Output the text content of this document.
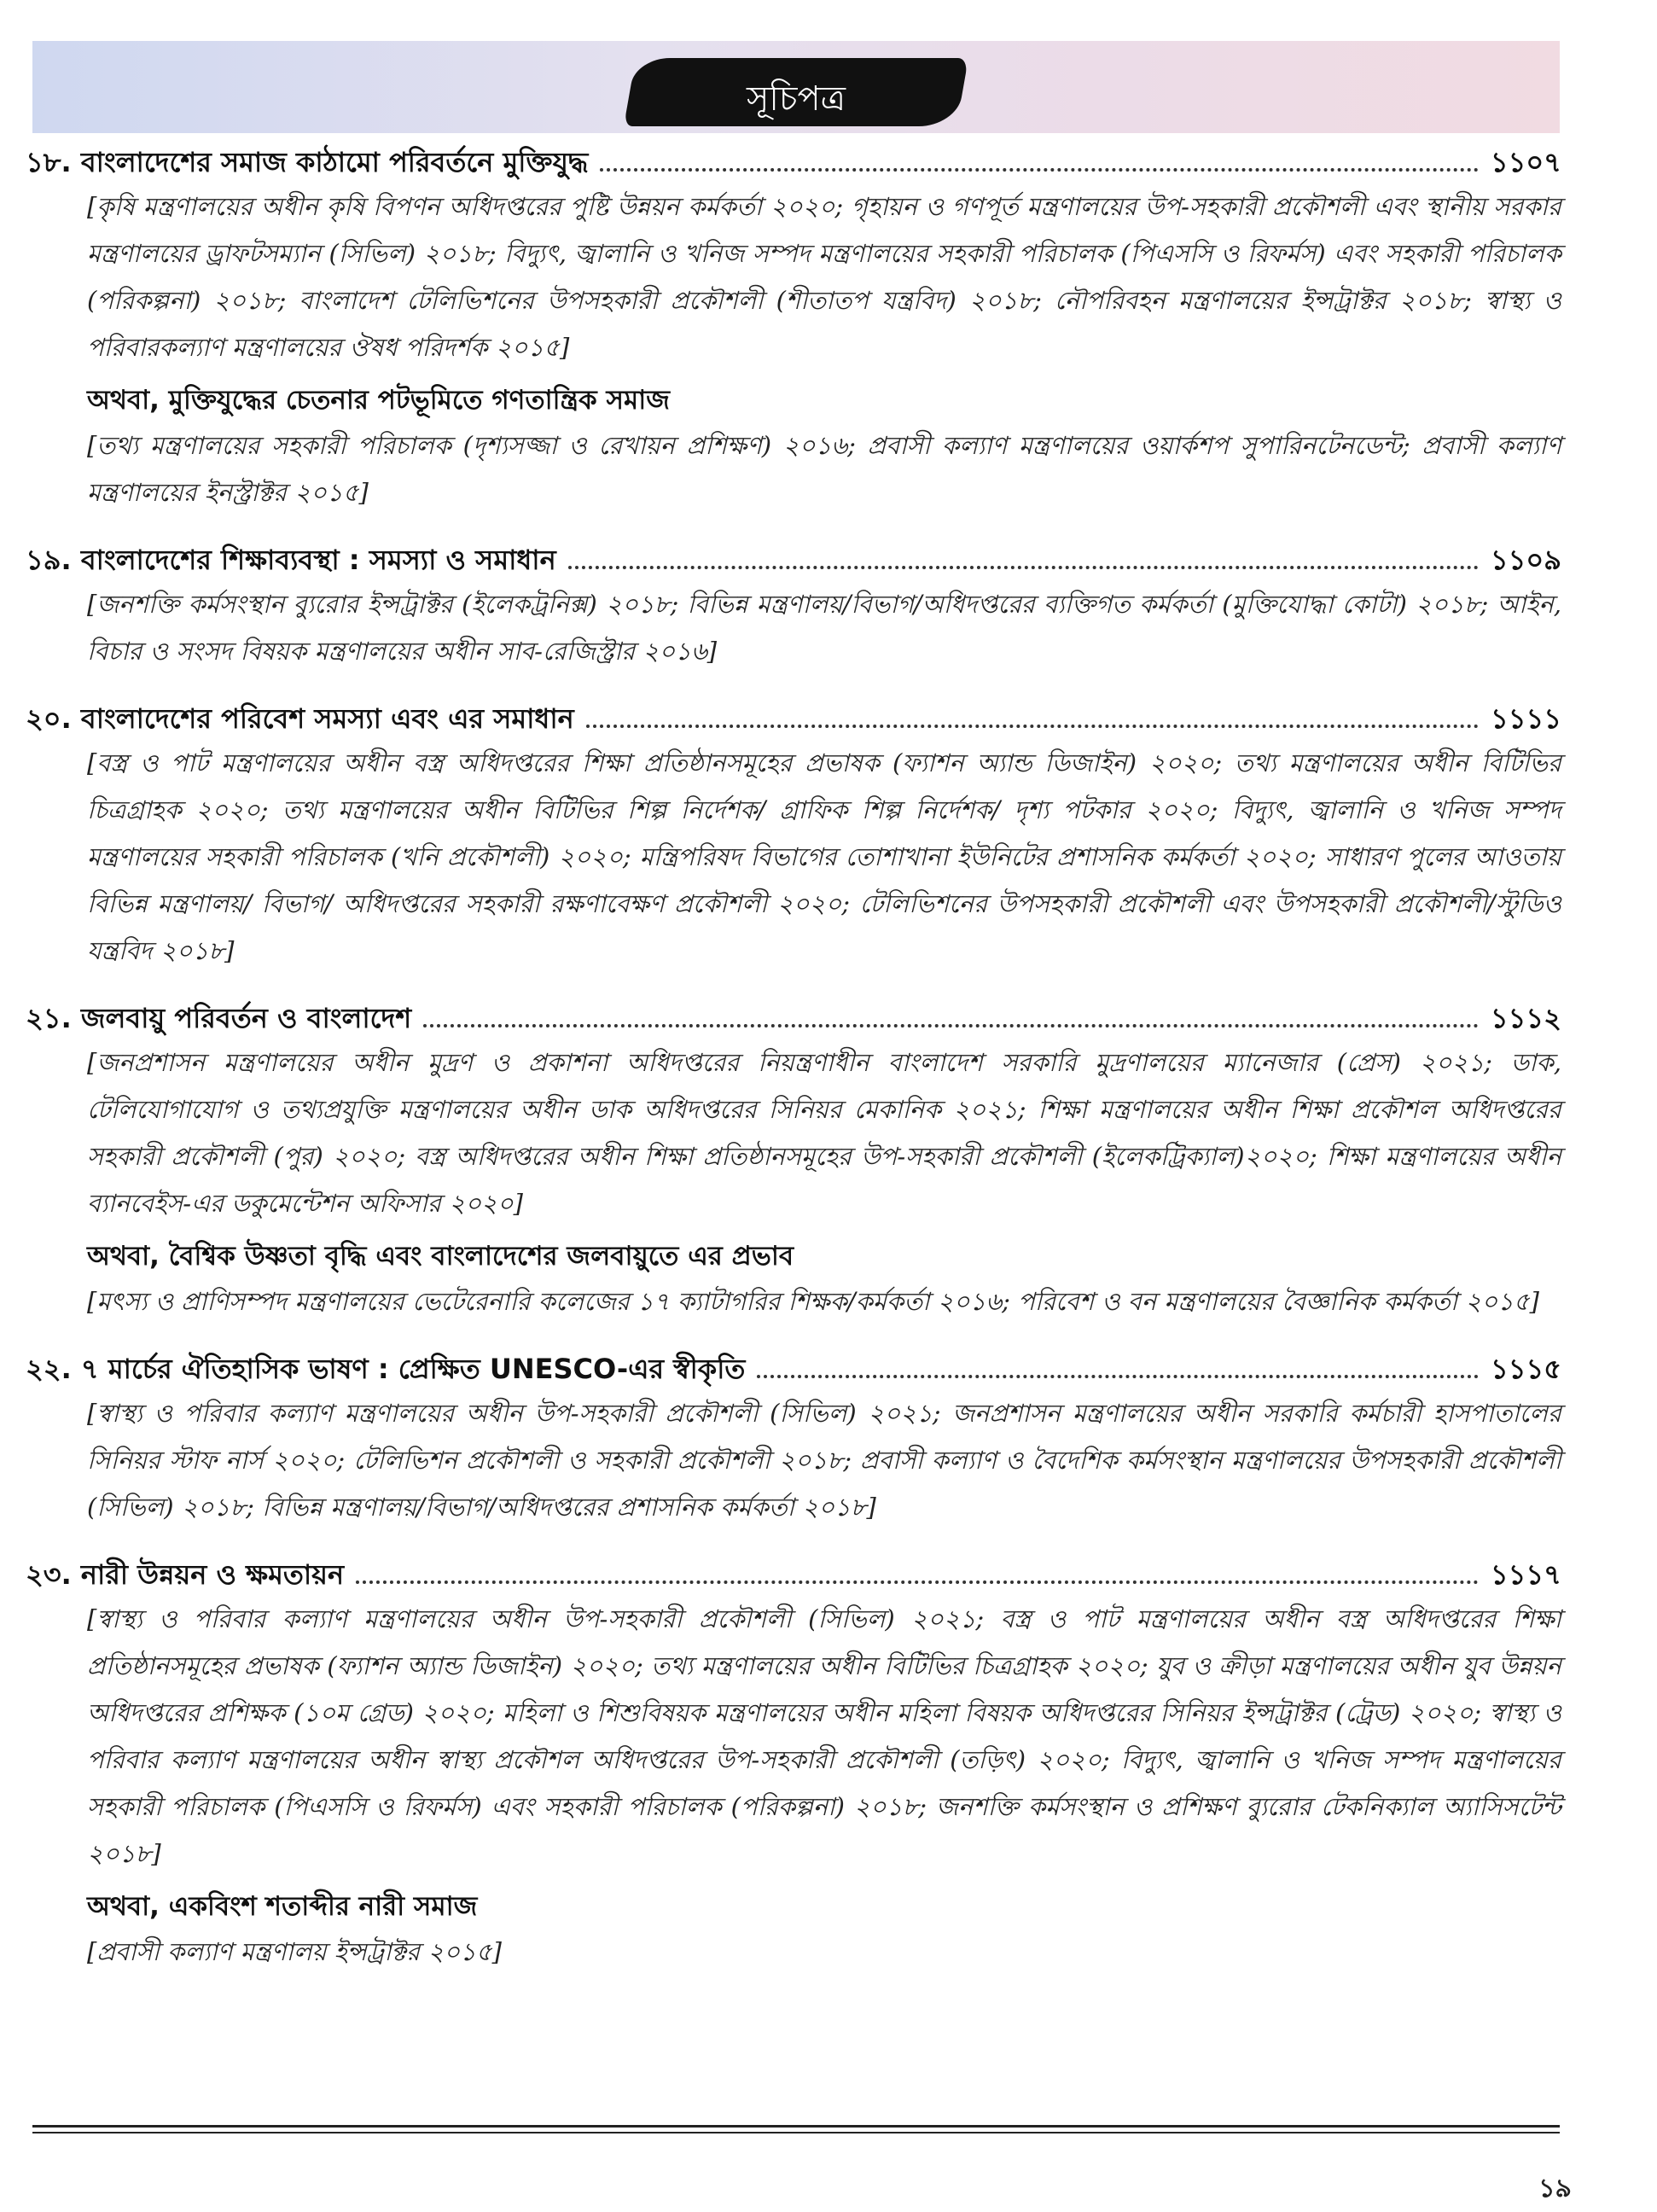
সূচিপত্র
১৮. বাংলাদেশের সমাজ কাঠামো পরিবর্তনে মুক্তিযুদ্ধ	১১০৭
[কৃষি মন্ত্রণালয়ের অধীন কৃষি বিপণন অধিদপ্তরের পুষ্টি উন্নয়ন কর্মকর্তা ২০২০; গৃহায়ন ও গণপূর্ত মন্ত্রণালয়ের উপ-সহকারী প্রকৌশলী এবং স্থানীয় সরকার মন্ত্রণালয়ের ড্রাফটসম্যান (সিভিল) ২০১৮; বিদ্যুৎ, জ্বালানি ও খনিজ সম্পদ মন্ত্রণালয়ের সহকারী পরিচালক (পিএসসি ও রিফর্মস) এবং সহকারী পরিচালক (পরিকল্পনা) ২০১৮; বাংলাদেশ টেলিভিশনের উপসহকারী প্রকৌশলী (শীতাতপ যন্ত্রবিদ) ২০১৮; নৌপরিবহন মন্ত্রণালয়ের ইন্সট্রাক্টর ২০১৮; স্বাস্থ্য ও পরিবারকল্যাণ মন্ত্রণালয়ের ঔষধ পরিদর্শক ২০১৫]
অথবা, মুক্তিযুদ্ধের চেতনার পটভূমিতে গণতান্ত্রিক সমাজ
[তথ্য মন্ত্রণালয়ের সহকারী পরিচালক (দৃশ্যসজ্জা ও রেখায়ন প্রশিক্ষণ) ২০১৬; প্রবাসী কল্যাণ মন্ত্রণালয়ের ওয়ার্কশপ সুপারিনটেনডেন্ট; প্রবাসী কল্যাণ মন্ত্রণালয়ের ইনস্ট্রাক্টর ২০১৫]
১৯. বাংলাদেশের শিক্ষাব্যবস্থা : সমস্যা ও সমাধান	১১০৯
[জনশক্তি কর্মসংস্থান ব্যুরোর ইন্সট্রাক্টর (ইলেকট্রনিক্স) ২০১৮; বিভিন্ন মন্ত্রণালয়/বিভাগ/অধিদপ্তরের ব্যক্তিগত কর্মকর্তা (মুক্তিযোদ্ধা কোটা) ২০১৮; আইন, বিচার ও সংসদ বিষয়ক মন্ত্রণালয়ের অধীন সাব-রেজিস্ট্রার ২০১৬]
২০. বাংলাদেশের পরিবেশ সমস্যা এবং এর সমাধান	১১১১
[বস্ত্র ও পাট মন্ত্রণালয়ের অধীন বস্ত্র অধিদপ্তরের শিক্ষা প্রতিষ্ঠানসমূহের প্রভাষক (ফ্যাশন অ্যান্ড ডিজাইন) ২০২০; তথ্য মন্ত্রণালয়ের অধীন বিটিভির চিত্রগ্রাহক ২০২০; তথ্য মন্ত্রণালয়ের অধীন বিটিভির শিল্প নির্দেশক/ গ্রাফিক শিল্প নির্দেশক/ দৃশ্য পটকার ২০২০; বিদ্যুৎ, জ্বালানি ও খনিজ সম্পদ মন্ত্রণালয়ের সহকারী পরিচালক (খনি প্রকৌশলী) ২০২০; মন্ত্রিপরিষদ বিভাগের তোশাখানা ইউনিটের প্রশাসনিক কর্মকর্তা ২০২০; সাধারণ পুলের আওতায় বিভিন্ন মন্ত্রণালয়/ বিভাগ/ অধিদপ্তরের সহকারী রক্ষণাবেক্ষণ প্রকৌশলী ২০২০; টেলিভিশনের উপসহকারী প্রকৌশলী এবং উপসহকারী প্রকৌশলী/স্টুডিও যন্ত্রবিদ ২০১৮]
২১. জলবায়ু পরিবর্তন ও বাংলাদেশ	১১১২
[জনপ্রশাসন মন্ত্রণালয়ের অধীন মুদ্রণ ও প্রকাশনা অধিদপ্তরের নিয়ন্ত্রণাধীন বাংলাদেশ সরকারি মুদ্রণালয়ের ম্যানেজার (প্রেস) ২০২১; ডাক, টেলিযোগাযোগ ও তথ্যপ্রযুক্তি মন্ত্রণালয়ের অধীন ডাক অধিদপ্তরের সিনিয়র মেকানিক ২০২১; শিক্ষা মন্ত্রণালয়ের অধীন শিক্ষা প্রকৌশল অধিদপ্তরের সহকারী প্রকৌশলী (পুর) ২০২০; বস্ত্র অধিদপ্তরের অধীন শিক্ষা প্রতিষ্ঠানসমূহের উপ-সহকারী প্রকৌশলী (ইলেকট্রিক্যাল)২০২০; শিক্ষা মন্ত্রণালয়ের অধীন ব্যানবেইস-এর ডকুমেন্টেশন অফিসার ২০২০]
অথবা, বৈশ্বিক উষ্ণতা বৃদ্ধি এবং বাংলাদেশের জলবায়ুতে এর প্রভাব
[মৎস্য ও প্রাণিসম্পদ মন্ত্রণালয়ের ভেটেরেনারি কলেজের ১৭ ক্যাটাগরির শিক্ষক/কর্মকর্তা ২০১৬; পরিবেশ ও বন মন্ত্রণালয়ের বৈজ্ঞানিক কর্মকর্তা ২০১৫]
২২. ৭ মার্চের ঐতিহাসিক ভাষণ : প্রেক্ষিত UNESCO-এর স্বীকৃতি	১১১৫
[স্বাস্থ্য ও পরিবার কল্যাণ মন্ত্রণালয়ের অধীন উপ-সহকারী প্রকৌশলী (সিভিল) ২০২১; জনপ্রশাসন মন্ত্রণালয়ের অধীন সরকারি কর্মচারী হাসপাতালের সিনিয়র স্টাফ নার্স ২০২০; টেলিভিশন প্রকৌশলী ও সহকারী প্রকৌশলী ২০১৮; প্রবাসী কল্যাণ ও বৈদেশিক কর্মসংস্থান মন্ত্রণালয়ের উপসহকারী প্রকৌশলী (সিভিল) ২০১৮; বিভিন্ন মন্ত্রণালয়/বিভাগ/অধিদপ্তরের প্রশাসনিক কর্মকর্তা ২০১৮]
২৩. নারী উন্নয়ন ও ক্ষমতায়ন	১১১৭
[স্বাস্থ্য ও পরিবার কল্যাণ মন্ত্রণালয়ের অধীন উপ-সহকারী প্রকৌশলী (সিভিল) ২০২১; বস্ত্র ও পাট মন্ত্রণালয়ের অধীন বস্ত্র অধিদপ্তরের শিক্ষা প্রতিষ্ঠানসমূহের প্রভাষক (ফ্যাশন অ্যান্ড ডিজাইন) ২০২০; তথ্য মন্ত্রণালয়ের অধীন বিটিভির চিত্রগ্রাহক ২০২০; যুব ও ক্রীড়া মন্ত্রণালয়ের অধীন যুব উন্নয়ন অধিদপ্তরের প্রশিক্ষক (১০ম গ্রেড) ২০২০; মহিলা ও শিশুবিষয়ক মন্ত্রণালয়ের অধীন মহিলা বিষয়ক অধিদপ্তরের সিনিয়র ইন্সট্রাক্টর (ট্রেড) ২০২০; স্বাস্থ্য ও পরিবার কল্যাণ মন্ত্রণালয়ের অধীন স্বাস্থ্য প্রকৌশল অধিদপ্তরের উপ-সহকারী প্রকৌশলী (তড়িৎ) ২০২০; বিদ্যুৎ, জ্বালানি ও খনিজ সম্পদ মন্ত্রণালয়ের সহকারী পরিচালক (পিএসসি ও রিফর্মস) এবং সহকারী পরিচালক (পরিকল্পনা) ২০১৮; জনশক্তি কর্মসংস্থান ও প্রশিক্ষণ ব্যুরোর টেকনিক্যাল অ্যাসিসটেন্ট ২০১৮]
অথবা, একবিংশ শতাব্দীর নারী সমাজ
[প্রবাসী কল্যাণ মন্ত্রণালয় ইন্সট্রাক্টর ২০১৫]
১৯
